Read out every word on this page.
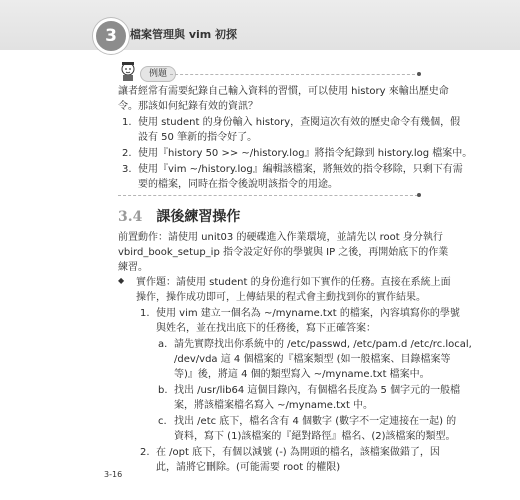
3	檔案管理與 vim 初探
例題
讓者經常有需要紀錄自己輸入資料的習慣，可以使用 history 來輸出歷史命
令。那該如何紀錄有效的資訊？
1. 使用 student 的身份輸入 history，查閱這次有效的歷史命令有幾個，假
設有 50 筆新的指令好了。
2. 使用『history 50 >> ~/history.log』將指令紀錄到 history.log 檔案中。
3. 使用『vim ~/history.log』編輯該檔案，將無效的指令移除，只剩下有需
要的檔案，同時在指令後說明該指令的用途。
3.4 課後練習操作
前置動作：請使用 unit03 的硬碟進入作業環境，並請先以 root 身分執行
vbird_book_setup_ip 指令設定好你的學號與 IP 之後，再開始底下的作業
練習。
◆ 實作題：請使用 student 的身份進行如下實作的任務。直接在系統上面
操作，操作成功即可，上傳結果的程式會主動找到你的實作結果。
1. 使用 vim 建立一個名為 ~/myname.txt 的檔案，內容填寫你的學號
與姓名，並在找出底下的任務後，寫下正確答案：
a. 請先實際找出你系統中的 /etc/passwd, /etc/pam.d /etc/rc.local,
/dev/vda 這 4 個檔案的『檔案類型 (如一般檔案、目錄檔案等
等)』後，將這 4 個的類型寫入 ~/myname.txt 檔案中。
b. 找出 /usr/lib64 這個目錄內，有個檔名長度為 5 個字元的一般檔
案，將該檔案檔名寫入 ~/myname.txt 中。
c. 找出 /etc 底下，檔名含有 4 個數字 (數字不一定連接在一起) 的
資料，寫下 (1)該檔案的『絕對路徑』檔名、(2)該檔案的類型。
2. 在 /opt 底下，有個以減號 (-) 為開頭的檔名，該檔案做錯了，因
此，請將它刪除。(可能需要 root 的權限)
3-16
